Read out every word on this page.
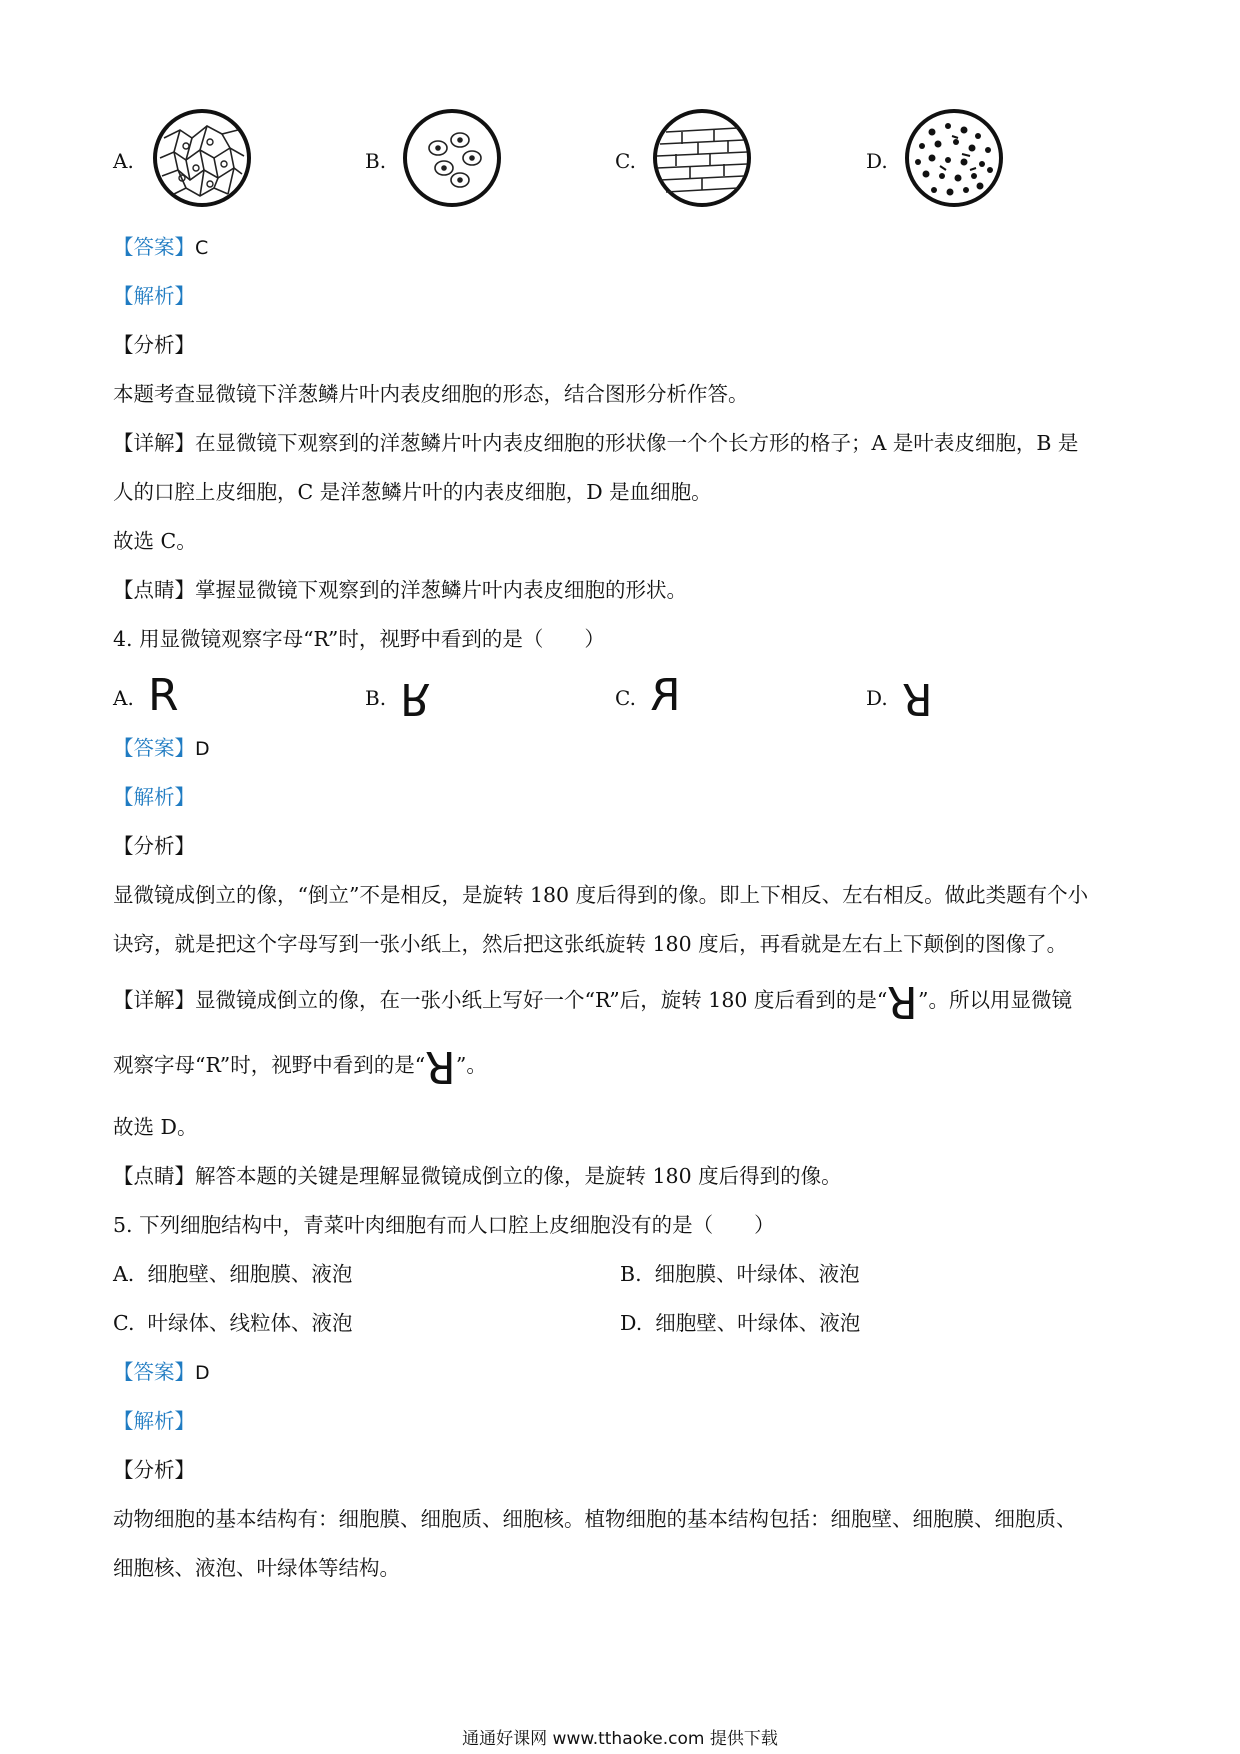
A.	B.	C.	D.
【答案】C
【解析】
【分析】
本题考查显微镜下洋葱鳞片叶内表皮细胞的形态，结合图形分析作答。
【详解】在显微镜下观察到的洋葱鳞片叶内表皮细胞的形状像一个个长方形的格子；A 是叶表皮细胞，B 是
人的口腔上皮细胞，C 是洋葱鳞片叶的内表皮细胞，D 是血细胞。
故选 C。
【点睛】掌握显微镜下观察到的洋葱鳞片叶内表皮细胞的形状。
4. 用显微镜观察字母“R”时，视野中看到的是（　　）
A. R	B. R	C. R	D. R
【答案】D
【解析】
【分析】
显微镜成倒立的像，“倒立”不是相反，是旋转 180 度后得到的像。即上下相反、左右相反。做此类题有个小
诀窍，就是把这个字母写到一张小纸上，然后把这张纸旋转 180 度后，再看就是左右上下颠倒的图像了。
【详解】显微镜成倒立的像，在一张小纸上写好一个“R”后，旋转 180 度后看到的是“R”。所以用显微镜
观察字母“R”时，视野中看到的是“R”。
故选 D。
【点睛】解答本题的关键是理解显微镜成倒立的像，是旋转 180 度后得到的像。
5. 下列细胞结构中，青菜叶肉细胞有而人口腔上皮细胞没有的是（　　）
A. 细胞壁、细胞膜、液泡	B. 细胞膜、叶绿体、液泡
C. 叶绿体、线粒体、液泡	D. 细胞壁、叶绿体、液泡
【答案】D
【解析】
【分析】
动物细胞的基本结构有：细胞膜、细胞质、细胞核。植物细胞的基本结构包括：细胞壁、细胞膜、细胞质、
细胞核、液泡、叶绿体等结构。
通通好课网 www.tthaoke.com 提供下载
